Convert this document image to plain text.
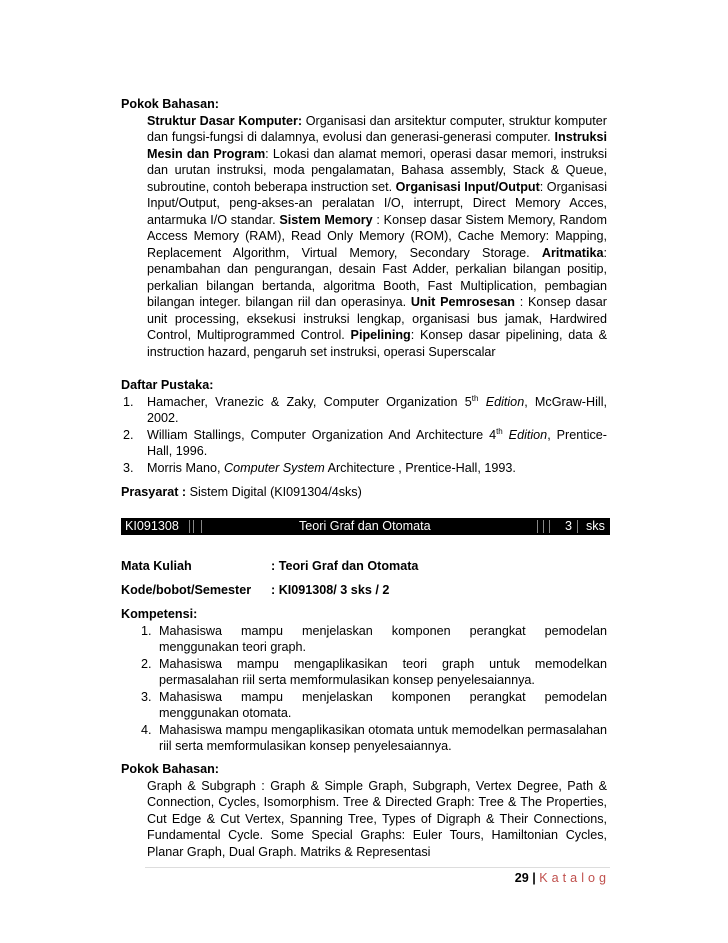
Pokok Bahasan:
Struktur Dasar Komputer: Organisasi dan arsitektur computer, struktur komputer dan fungsi-fungsi di dalamnya, evolusi dan generasi-generasi computer. Instruksi Mesin dan Program: Lokasi dan alamat memori, operasi dasar memori, instruksi dan urutan instruksi, moda pengalamatan, Bahasa assembly, Stack & Queue, subroutine, contoh beberapa instruction set. Organisasi Input/Output: Organisasi Input/Output, peng-akses-an peralatan I/O, interrupt, Direct Memory Acces, antarmuka I/O standar. Sistem Memory : Konsep dasar Sistem Memory, Random Access Memory (RAM), Read Only Memory (ROM), Cache Memory: Mapping, Replacement Algorithm, Virtual Memory, Secondary Storage. Aritmatika: penambahan dan pengurangan, desain Fast Adder, perkalian bilangan positip, perkalian bilangan bertanda, algoritma Booth, Fast Multiplication, pembagian bilangan integer. bilangan riil dan operasinya. Unit Pemrosesan : Konsep dasar unit processing, eksekusi instruksi lengkap, organisasi bus jamak, Hardwired Control, Multiprogrammed Control. Pipelining: Konsep dasar pipelining, data & instruction hazard, pengaruh set instruksi, operasi Superscalar
Daftar Pustaka:
1. Hamacher, Vranezic & Zaky, Computer Organization 5th Edition, McGraw-Hill, 2002.
2. William Stallings, Computer Organization And Architecture 4th Edition, Prentice-Hall, 1996.
3. Morris Mano, Computer System Architecture , Prentice-Hall, 1993.
Prasyarat : Sistem Digital (KI091304/4sks)
KI091308	Teori Graf dan Otomata	3 sks
Mata Kuliah	: Teori Graf dan Otomata
Kode/bobot/Semester : KI091308/ 3 sks / 2
Kompetensi:
1. Mahasiswa mampu menjelaskan komponen perangkat pemodelan menggunakan teori graph.
2. Mahasiswa mampu mengaplikasikan teori graph untuk memodelkan permasalahan riil serta memformulasikan konsep penyelesaiannya.
3. Mahasiswa mampu menjelaskan komponen perangkat pemodelan menggunakan otomata.
4. Mahasiswa mampu mengaplikasikan otomata untuk memodelkan permasalahan riil serta memformulasikan konsep penyelesaiannya.
Pokok Bahasan:
Graph & Subgraph : Graph & Simple Graph, Subgraph, Vertex Degree, Path & Connection, Cycles, Isomorphism. Tree & Directed Graph: Tree & The Properties, Cut Edge & Cut Vertex, Spanning Tree, Types of Digraph & Their Connections, Fundamental Cycle. Some Special Graphs: Euler Tours, Hamiltonian Cycles, Planar Graph, Dual Graph. Matriks & Representasi
29 | Katalog
